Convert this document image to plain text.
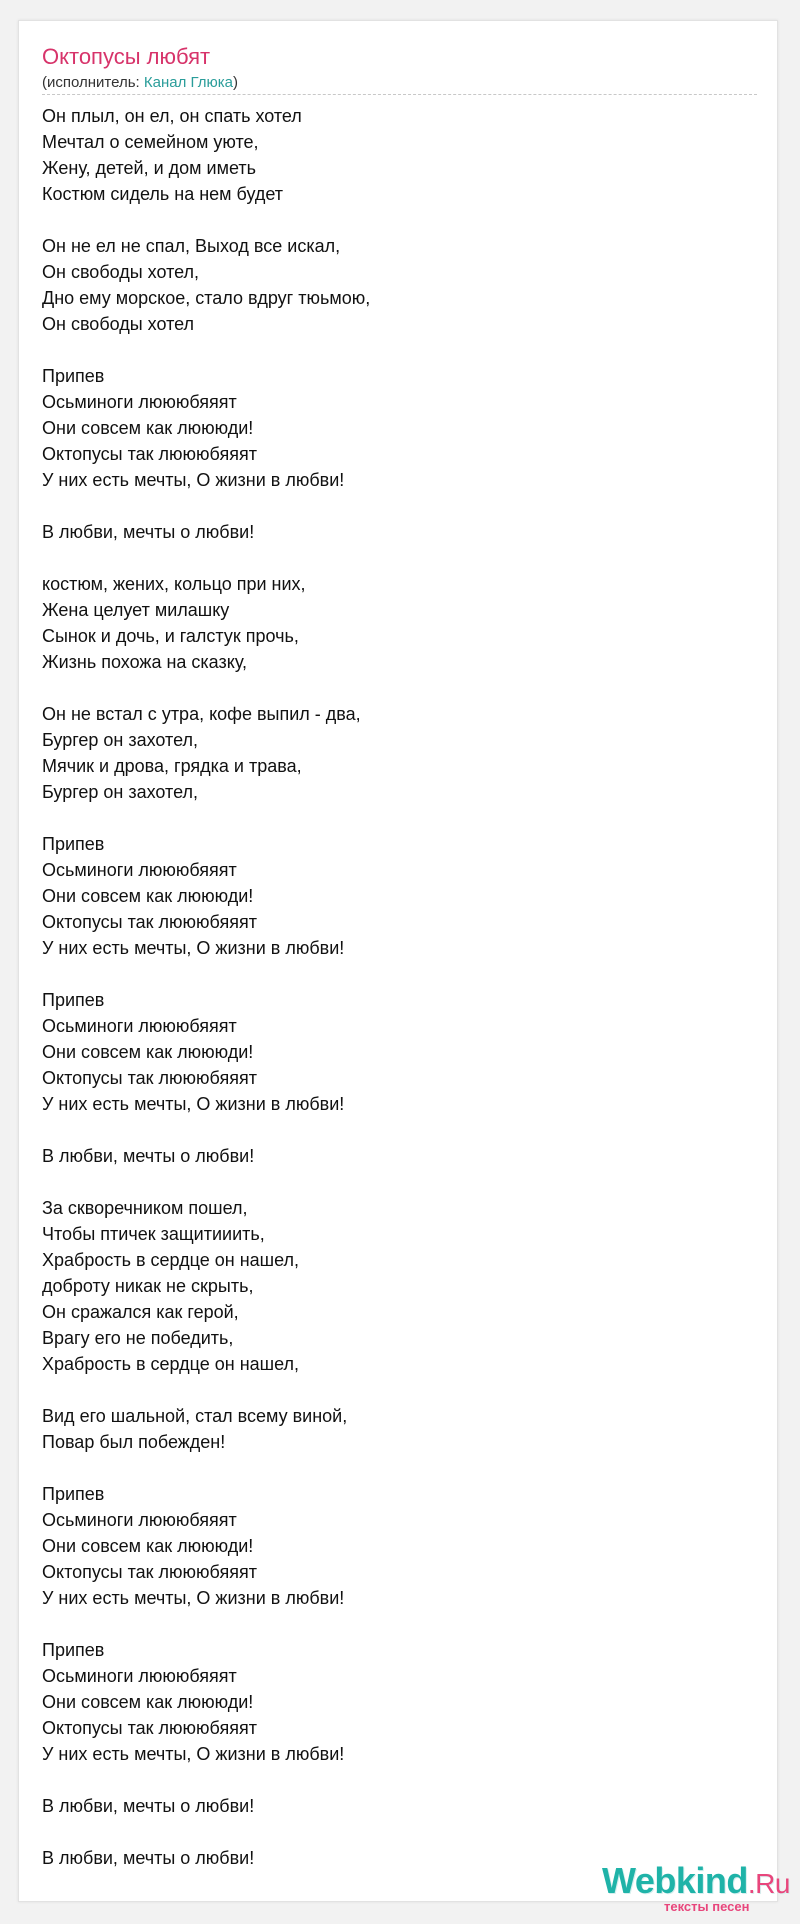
Октопусы любят
(исполнитель: Канал Глюка)
Он плыл, он ел, он спать хотел
Мечтал о семейном уюте,
Жену, детей, и дом иметь
Костюм сидель на нем будет
Он не ел не спал, Выход все искал,
Он свободы хотел,
Дно ему морское, стало вдруг тюьмою,
Он свободы хотел
Припев
Осьминоги люююбяяят
Они совсем как люююди!
Октопусы так люююбяяят
У них есть мечты, О жизни в любви!
В любви, мечты о любви!
костюм, жених, кольцо при них,
Жена целует милашку
Сынок и дочь, и галстук прочь,
Жизнь похожа на сказку,
Он не встал с утра, кофе выпил - два,
Бургер он захотел,
Мячик и дрова, грядка и трава,
Бургер он захотел,
Припев
Осьминоги люююбяяят
Они совсем как люююди!
Октопусы так люююбяяят
У них есть мечты, О жизни в любви!
Припев
Осьминоги люююбяяят
Они совсем как люююди!
Октопусы так люююбяяят
У них есть мечты, О жизни в любви!
В любви, мечты о любви!
За скворечником пошел,
Чтобы птичек защитииить,
Храбрость в сердце он нашел,
доброту никак не скрыть,
Он сражался как герой,
Врагу его не победить,
Храбрость в сердце он нашел,
Вид его шальной, стал всему виной,
Повар был побежден!
Припев
Осьминоги люююбяяят
Они совсем как люююди!
Октопусы так люююбяяят
У них есть мечты, О жизни в любви!
Припев
Осьминоги люююбяяят
Они совсем как люююди!
Октопусы так люююбяяят
У них есть мечты, О жизни в любви!
В любви, мечты о любви!
В любви, мечты о любви!
Webkind.Ru
тексты песен
